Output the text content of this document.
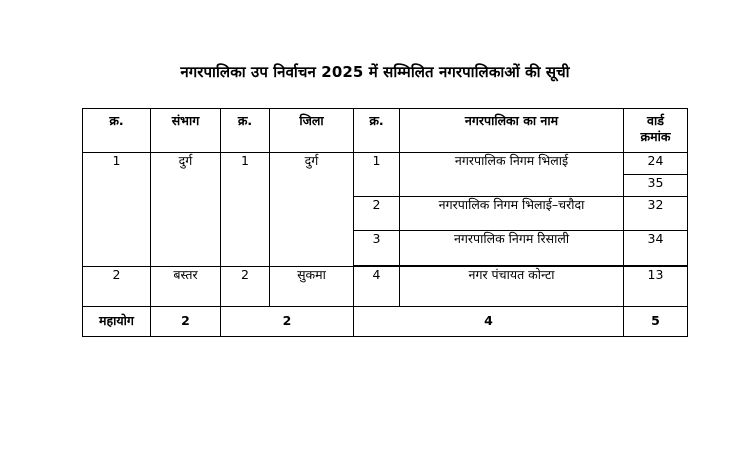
नगरपालिका उप निर्वाचन 2025 में सम्मिलित नगरपालिकाओं की सूची
क्र.	संभाग	क्र.	जिला	क्र.	नगरपालिका का नाम	वार्ड
क्रमांक
1	दुर्ग	1	दुर्ग	1	नगरपालिक निगम भिलाई	24
						35
				2	नगरपालिक निगम भिलाई–चरौदा	32
				3	नगरपालिक निगम रिसाली	34

2	बस्तर	2	सुकमा	4	नगर पंचायत कोन्टा	13
महायोग	2	2		4		5
